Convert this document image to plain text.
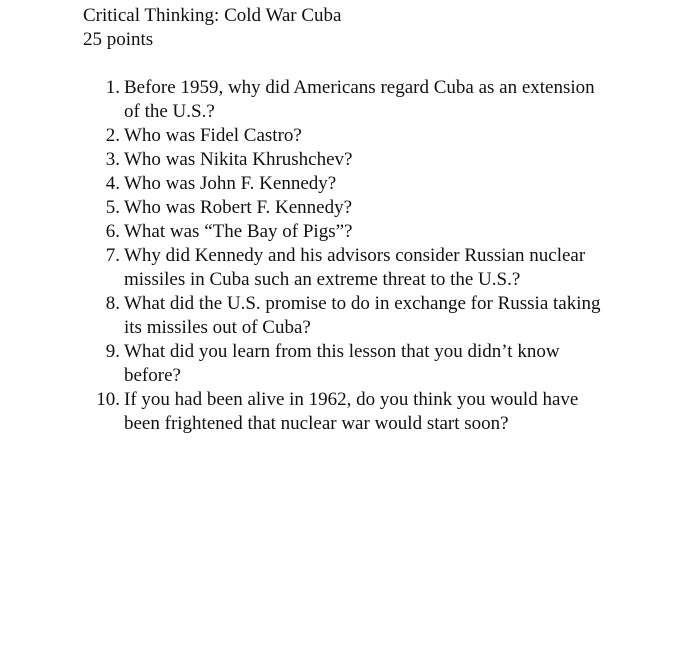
Critical Thinking: Cold War Cuba
25 points
1. Before 1959, why did Americans regard Cuba as an extension of the U.S.?
2. Who was Fidel Castro?
3. Who was Nikita Khrushchev?
4. Who was John F. Kennedy?
5. Who was Robert F. Kennedy?
6. What was “The Bay of Pigs”?
7. Why did Kennedy and his advisors consider Russian nuclear missiles in Cuba such an extreme threat to the U.S.?
8. What did the U.S. promise to do in exchange for Russia taking its missiles out of Cuba?
9. What did you learn from this lesson that you didn’t know before?
10. If you had been alive in 1962, do you think you would have been frightened that nuclear war would start soon?
